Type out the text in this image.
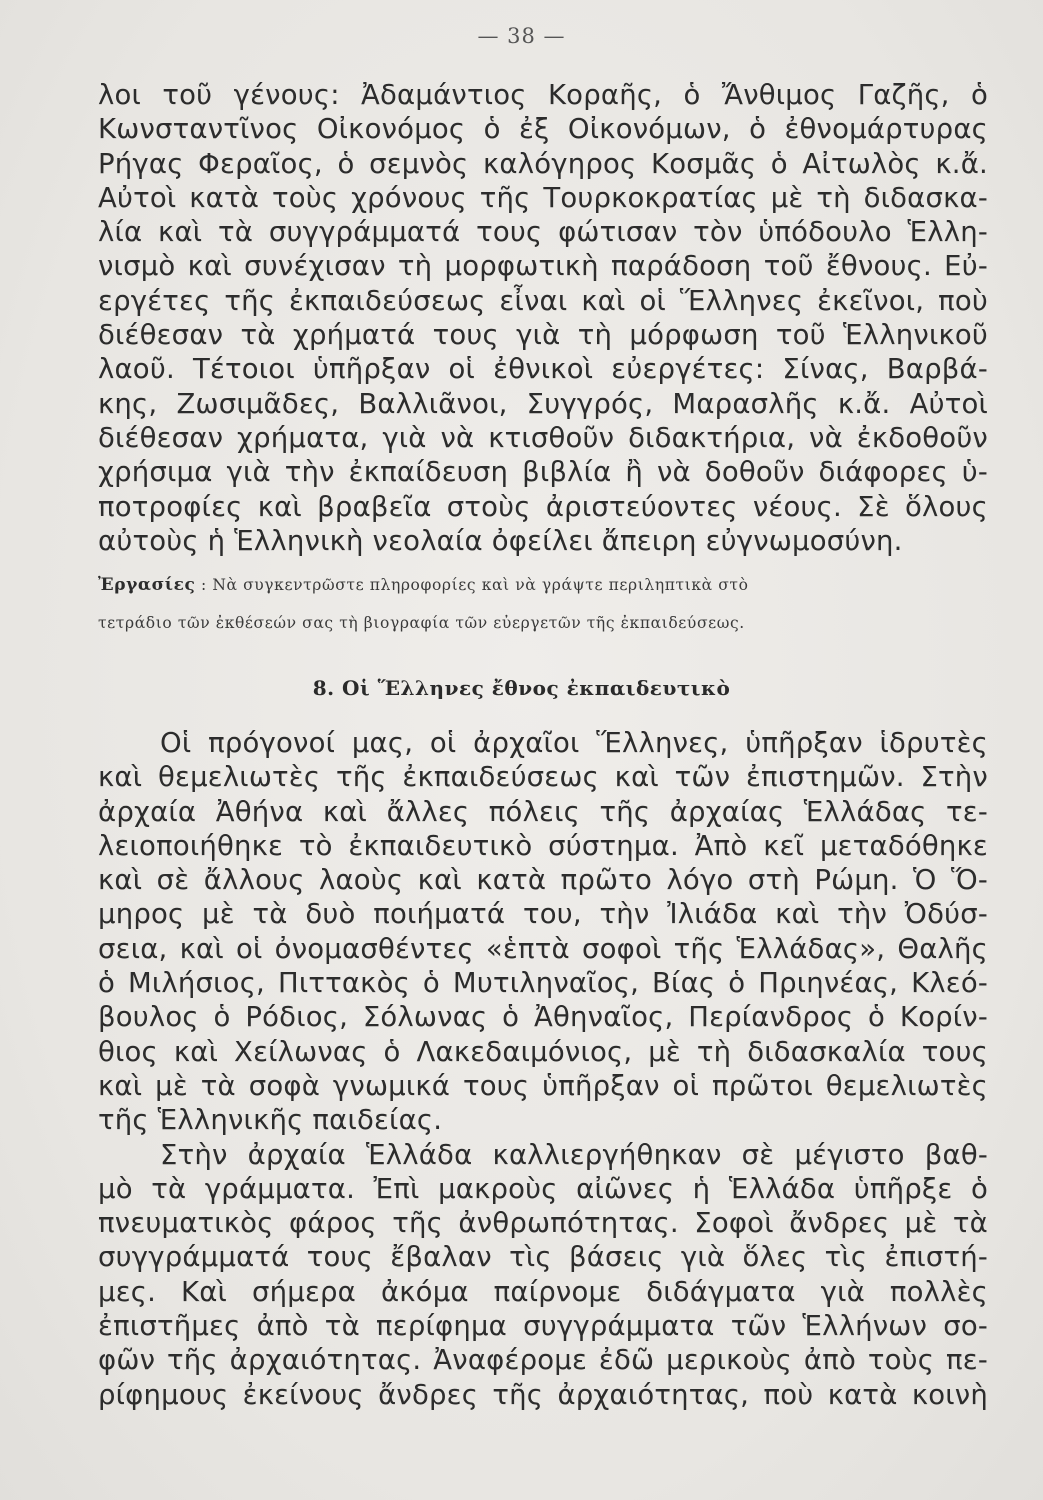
— 38 —
λοι τοῦ γένους: Ἀδαμάντιος Κοραῆς, ὁ Ἄνθιμος Γαζῆς, ὁ
Κωνσταντῖνος Οἰκονόμος ὁ ἐξ Οἰκονόμων, ὁ ἐθνομάρτυρας
Ρήγας Φεραῖος, ὁ σεμνὸς καλόγηρος Κοσμᾶς ὁ Αἰτωλὸς κ.ἄ.
Αὐτοὶ κατὰ τοὺς χρόνους τῆς Τουρκοκρατίας μὲ τὴ διδασκα-
λία καὶ τὰ συγγράμματά τους φώτισαν τὸν ὑπόδουλο Ἑλλη-
νισμὸ καὶ συνέχισαν τὴ μορφωτικὴ παράδοση τοῦ ἔθνους. Εὐ-
εργέτες τῆς ἐκπαιδεύσεως εἶναι καὶ οἱ Ἕλληνες ἐκεῖνοι, ποὺ
διέθεσαν τὰ χρήματά τους γιὰ τὴ μόρφωση τοῦ Ἑλληνικοῦ
λαοῦ. Τέτοιοι ὑπῆρξαν οἱ ἐθνικοὶ εὐεργέτες: Σίνας, Βαρβά-
κης, Ζωσιμᾶδες, Βαλλιᾶνοι, Συγγρός, Μαρασλῆς κ.ἄ. Αὐτοὶ
διέθεσαν χρήματα, γιὰ νὰ κτισθοῦν διδακτήρια, νὰ ἐκδοθοῦν
χρήσιμα γιὰ τὴν ἐκπαίδευση βιβλία ἢ νὰ δοθοῦν διάφορες ὑ-
ποτροφίες καὶ βραβεῖα στοὺς ἀριστεύοντες νέους. Σὲ ὅλους
αὐτοὺς ἡ Ἑλληνικὴ νεολαία ὀφείλει ἄπειρη εὐγνωμοσύνη.
Ἐργασίες : Νὰ συγκεντρῶστε πληροφορίες καὶ νὰ γράψτε περιληπτικὰ στὸ
τετράδιο τῶν ἐκθέσεών σας τὴ βιογραφία τῶν εὐεργετῶν τῆς ἐκπαιδεύσεως.
8. Οἱ Ἕλληνες ἔθνος ἐκπαιδευτικὸ
Οἱ πρόγονοί μας, οἱ ἀρχαῖοι Ἕλληνες, ὑπῆρξαν ἱδρυτὲς
καὶ θεμελιωτὲς τῆς ἐκπαιδεύσεως καὶ τῶν ἐπιστημῶν. Στὴν
ἀρχαία Ἀθήνα καὶ ἄλλες πόλεις τῆς ἀρχαίας Ἑλλάδας τε-
λειοποιήθηκε τὸ ἐκπαιδευτικὸ σύστημα. Ἀπὸ κεῖ μεταδόθηκε
καὶ σὲ ἄλλους λαοὺς καὶ κατὰ πρῶτο λόγο στὴ Ρώμη. Ὁ Ὅ-
μηρος μὲ τὰ δυὸ ποιήματά του, τὴν Ἰλιάδα καὶ τὴν Ὀδύσ-
σεια, καὶ οἱ ὀνομασθέντες «ἑπτὰ σοφοὶ τῆς Ἑλλάδας», Θαλῆς
ὁ Μιλήσιος, Πιττακὸς ὁ Μυτιληναῖος, Βίας ὁ Πριηνέας, Κλεό-
βουλος ὁ Ρόδιος, Σόλωνας ὁ Ἀθηναῖος, Περίανδρος ὁ Κορίν-
θιος καὶ Χείλωνας ὁ Λακεδαιμόνιος, μὲ τὴ διδασκαλία τους
καὶ μὲ τὰ σοφὰ γνωμικά τους ὑπῆρξαν οἱ πρῶτοι θεμελιωτὲς
τῆς Ἑλληνικῆς παιδείας.
Στὴν ἀρχαία Ἑλλάδα καλλιεργήθηκαν σὲ μέγιστο βαθ-
μὸ τὰ γράμματα. Ἐπὶ μακροὺς αἰῶνες ἡ Ἑλλάδα ὑπῆρξε ὁ
πνευματικὸς φάρος τῆς ἀνθρωπότητας. Σοφοὶ ἄνδρες μὲ τὰ
συγγράμματά τους ἔβαλαν τὶς βάσεις γιὰ ὅλες τὶς ἐπιστή-
μες. Καὶ σήμερα ἀκόμα παίρνομε διδάγματα γιὰ πολλὲς
ἐπιστῆμες ἀπὸ τὰ περίφημα συγγράμματα τῶν Ἑλλήνων σο-
φῶν τῆς ἀρχαιότητας. Ἀναφέρομε ἐδῶ μερικοὺς ἀπὸ τοὺς πε-
ρίφημους ἐκείνους ἄνδρες τῆς ἀρχαιότητας, ποὺ κατὰ κοινὴ
